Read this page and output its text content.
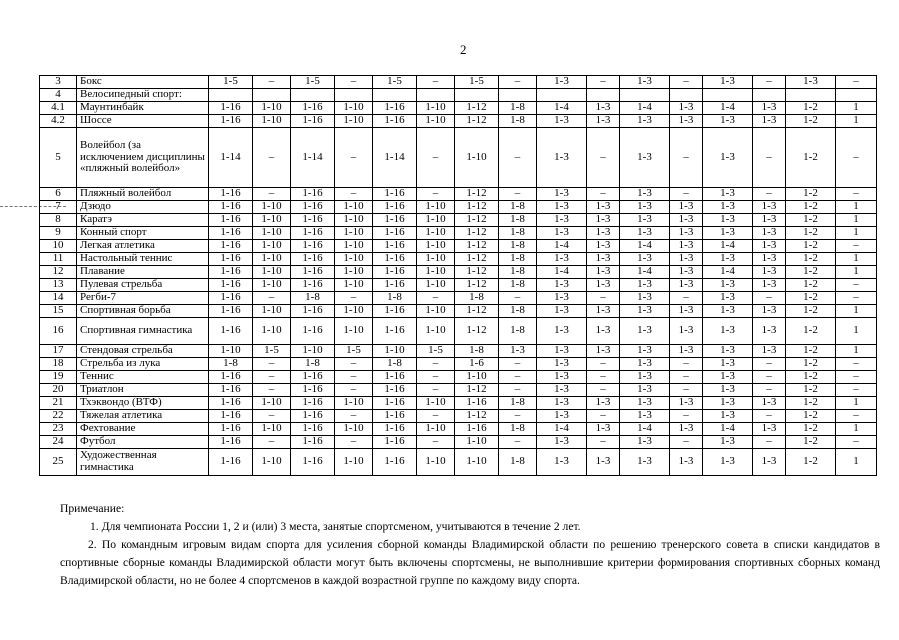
2
3	Бокс	1-5	–	1-5	–	1-5	–	1-5	–	1-3	–	1-3	–	1-3	–	1-3	–
4	Велосипедный спорт:																
4.1	Маунтинбайк	1-16	1-10	1-16	1-10	1-16	1-10	1-12	1-8	1-4	1-3	1-4	1-3	1-4	1-3	1-2	1
4.2	Шоссе	1-16	1-10	1-16	1-10	1-16	1-10	1-12	1-8	1-3	1-3	1-3	1-3	1-3	1-3	1-2	1
5	Волейбол (за исключением дисциплины «пляжный волейбол»	1-14	–	1-14	–	1-14	–	1-10	–	1-3	–	1-3	–	1-3	–	1-2	–
6	Пляжный волейбол	1-16	–	1-16	–	1-16	–	1-12	–	1-3	–	1-3	–	1-3	–	1-2	–
7	Дзюдо	1-16	1-10	1-16	1-10	1-16	1-10	1-12	1-8	1-3	1-3	1-3	1-3	1-3	1-3	1-2	1
8	Каратэ	1-16	1-10	1-16	1-10	1-16	1-10	1-12	1-8	1-3	1-3	1-3	1-3	1-3	1-3	1-2	1
9	Конный спорт	1-16	1-10	1-16	1-10	1-16	1-10	1-12	1-8	1-3	1-3	1-3	1-3	1-3	1-3	1-2	1
10	Легкая атлетика	1-16	1-10	1-16	1-10	1-16	1-10	1-12	1-8	1-4	1-3	1-4	1-3	1-4	1-3	1-2	–
11	Настольный теннис	1-16	1-10	1-16	1-10	1-16	1-10	1-12	1-8	1-3	1-3	1-3	1-3	1-3	1-3	1-2	1
12	Плавание	1-16	1-10	1-16	1-10	1-16	1-10	1-12	1-8	1-4	1-3	1-4	1-3	1-4	1-3	1-2	1
13	Пулевая стрельба	1-16	1-10	1-16	1-10	1-16	1-10	1-12	1-8	1-3	1-3	1-3	1-3	1-3	1-3	1-2	–
14	Регби-7	1-16	–	1-8	–	1-8	–	1-8	–	1-3	–	1-3	–	1-3	–	1-2	–
15	Спортивная борьба	1-16	1-10	1-16	1-10	1-16	1-10	1-12	1-8	1-3	1-3	1-3	1-3	1-3	1-3	1-2	1
16	Спортивная гимнастика	1-16	1-10	1-16	1-10	1-16	1-10	1-12	1-8	1-3	1-3	1-3	1-3	1-3	1-3	1-2	1
17	Стендовая стрельба	1-10	1-5	1-10	1-5	1-10	1-5	1-8	1-3	1-3	1-3	1-3	1-3	1-3	1-3	1-2	1
18	Стрельба из лука	1-8	–	1-8	–	1-8	–	1-6	–	1-3	–	1-3	–	1-3	–	1-2	–
19	Теннис	1-16	–	1-16	–	1-16	–	1-10	–	1-3	–	1-3	–	1-3	–	1-2	–
20	Триатлон	1-16	–	1-16	–	1-16	–	1-12	–	1-3	–	1-3	–	1-3	–	1-2	–
21	Тхэквондо (ВТФ)	1-16	1-10	1-16	1-10	1-16	1-10	1-16	1-8	1-3	1-3	1-3	1-3	1-3	1-3	1-2	1
22	Тяжелая атлетика	1-16	–	1-16	–	1-16	–	1-12	–	1-3	–	1-3	–	1-3	–	1-2	–
23	Фехтование	1-16	1-10	1-16	1-10	1-16	1-10	1-16	1-8	1-4	1-3	1-4	1-3	1-4	1-3	1-2	1
24	Футбол	1-16	–	1-16	–	1-16	–	1-10	–	1-3	–	1-3	–	1-3	–	1-2	–
25	Художественная гимнастика	1-16	1-10	1-16	1-10	1-16	1-10	1-10	1-8	1-3	1-3	1-3	1-3	1-3	1-3	1-2	1

Примечание:

1. Для чемпионата России 1, 2 и (или) 3 места, занятые спортсменом, учитываются в течение 2 лет.

2. По командным игровым видам спорта для усиления сборной команды Владимирской области по решению тренерского совета в списки кандидатов в спортивные сборные команды Владимирской области могут быть включены спортсмены, не выполнившие критерии формирования спортивных сборных команд Владимирской области, но не более 4 спортсменов в каждой возрастной группе по каждому виду спорта.
